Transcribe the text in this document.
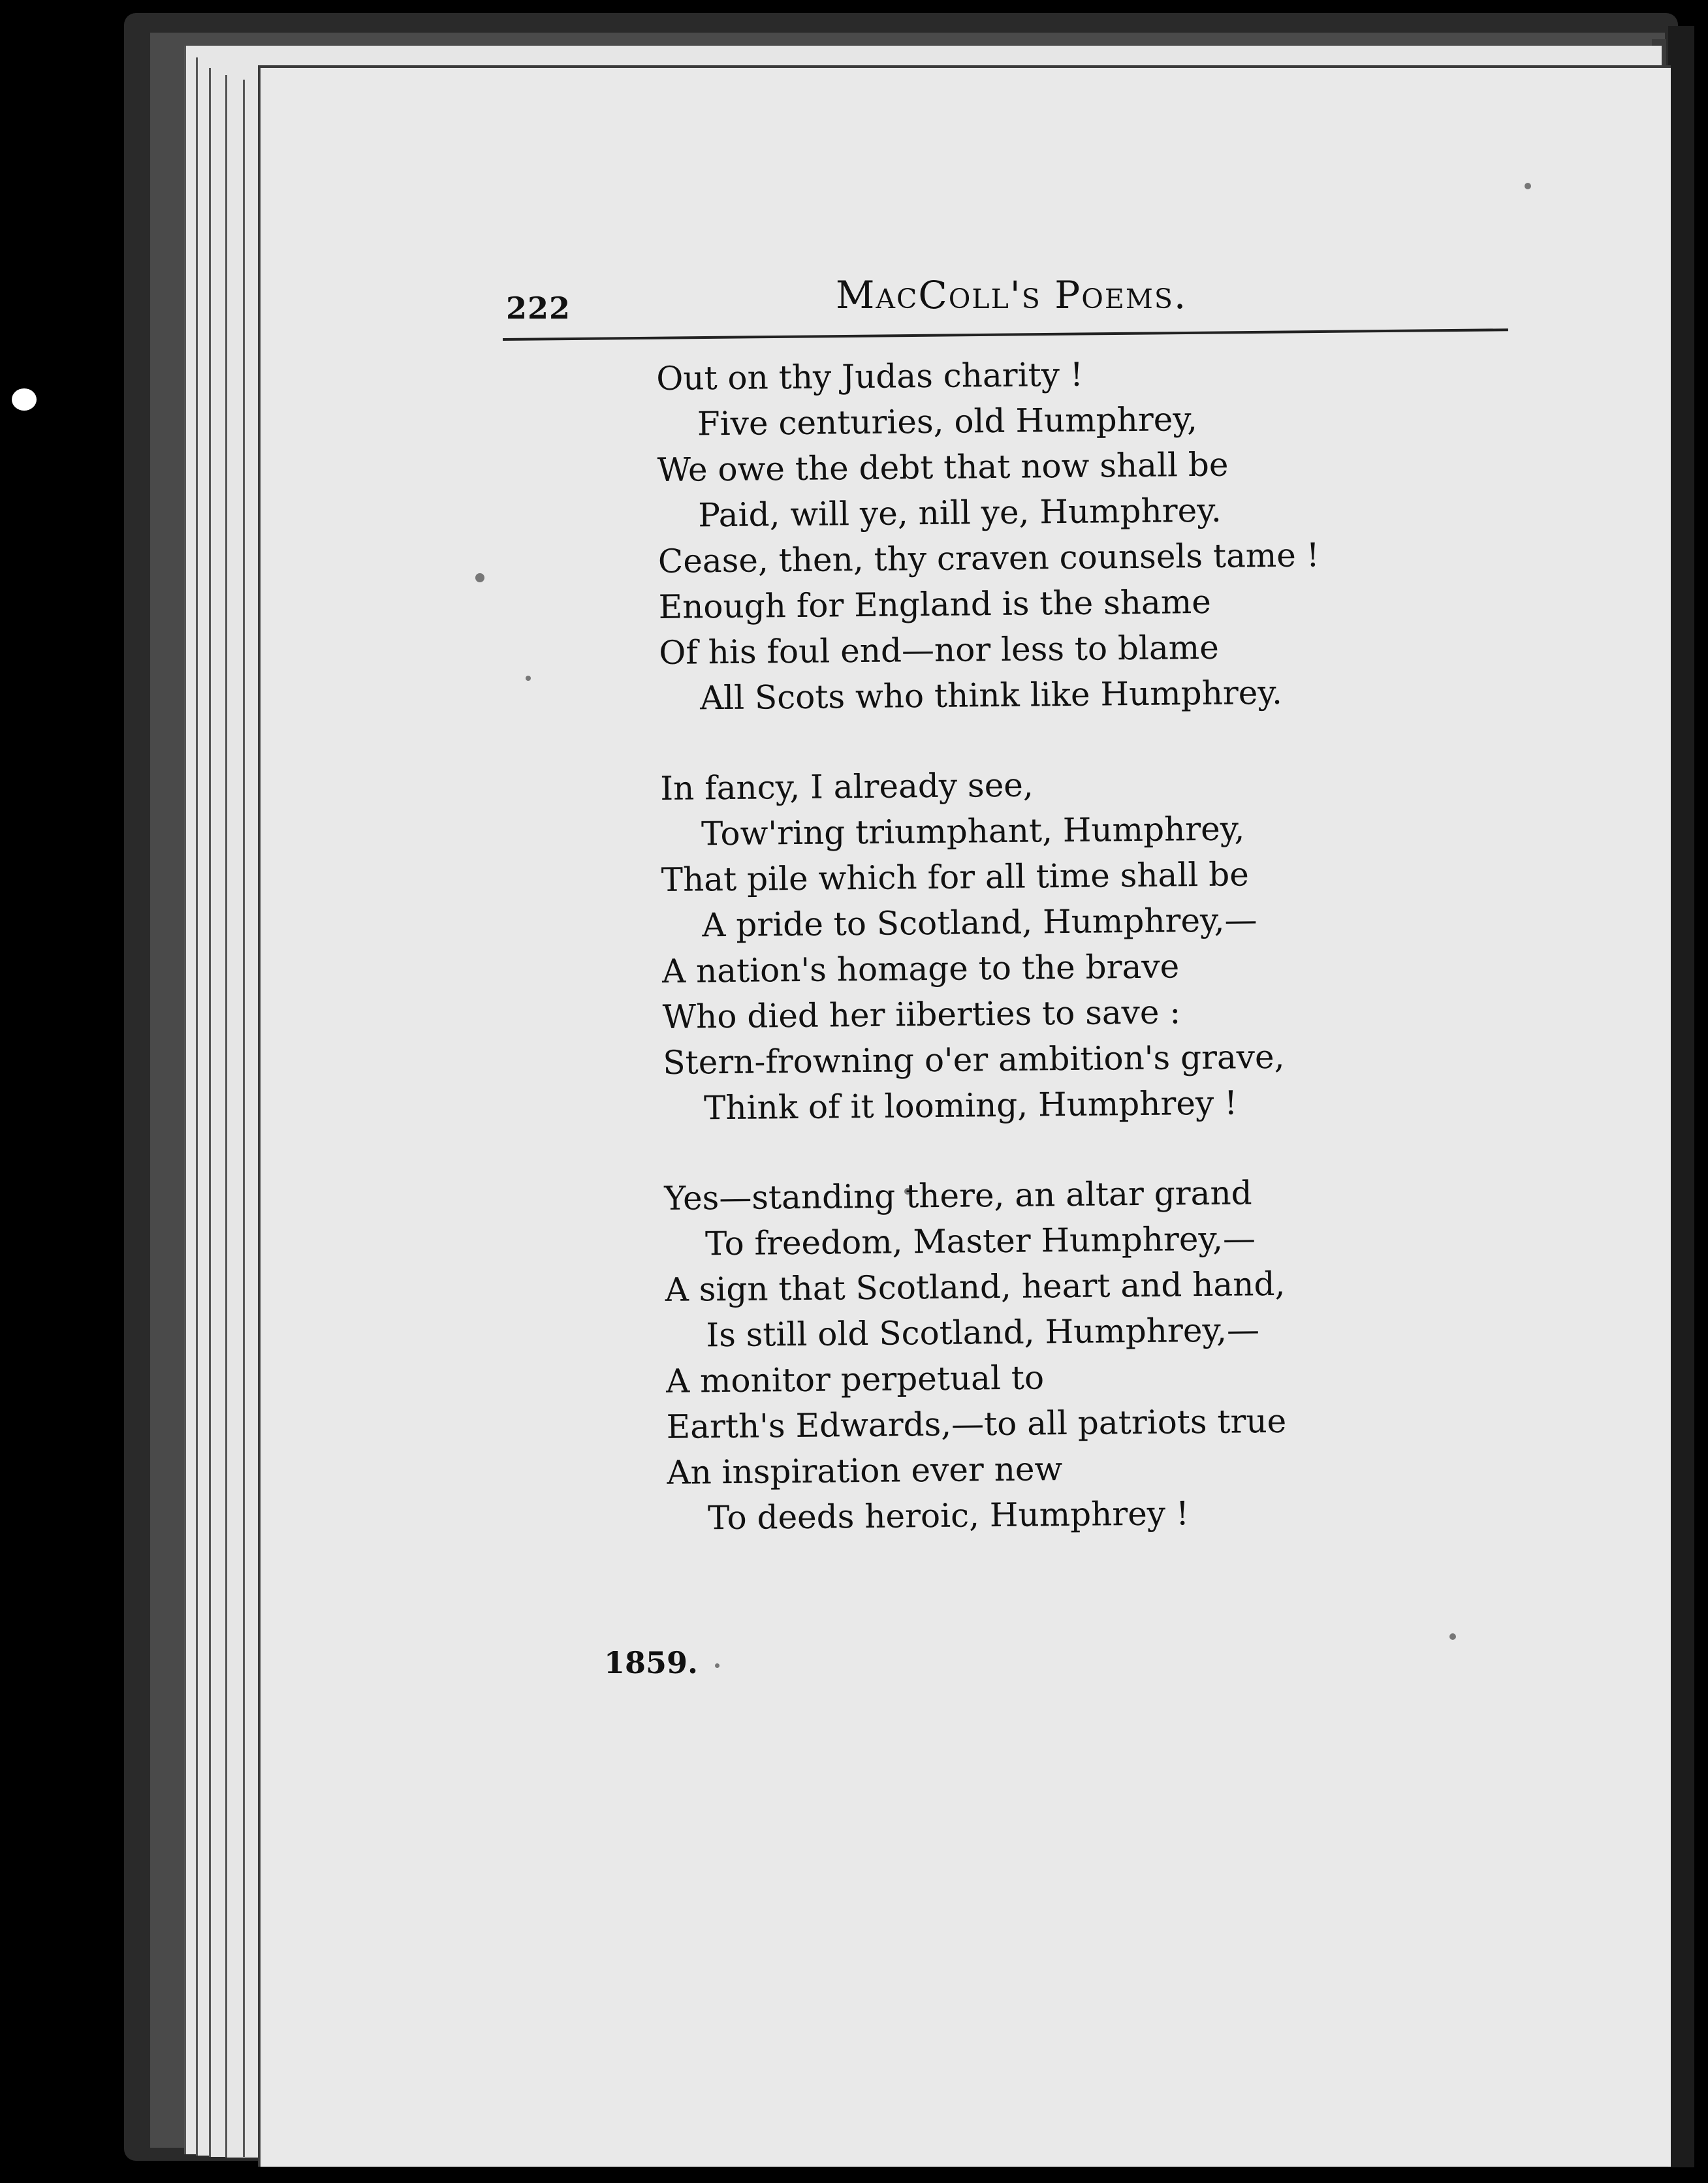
222	MacColl's Poems.
Out on thy Judas charity !
Five centuries, old Humphrey,
We owe the debt that now shall be
Paid, will ye, nill ye, Humphrey.
Cease, then, thy craven counsels tame !
Enough for England is the shame
Of his foul end—nor less to blame
All Scots who think like Humphrey.
In fancy, I already see,
Tow'ring triumphant, Humphrey,
That pile which for all time shall be
A pride to Scotland, Humphrey,—
A nation's homage to the brave
Who died her iiberties to save :
Stern-frowning o'er ambition's grave,
Think of it looming, Humphrey !
Yes—standing there, an altar grand
To freedom, Master Humphrey,—
A sign that Scotland, heart and hand,
Is still old Scotland, Humphrey,—
A monitor perpetual to
Earth's Edwards,—to all patriots true
An inspiration ever new
To deeds heroic, Humphrey !
1859.
